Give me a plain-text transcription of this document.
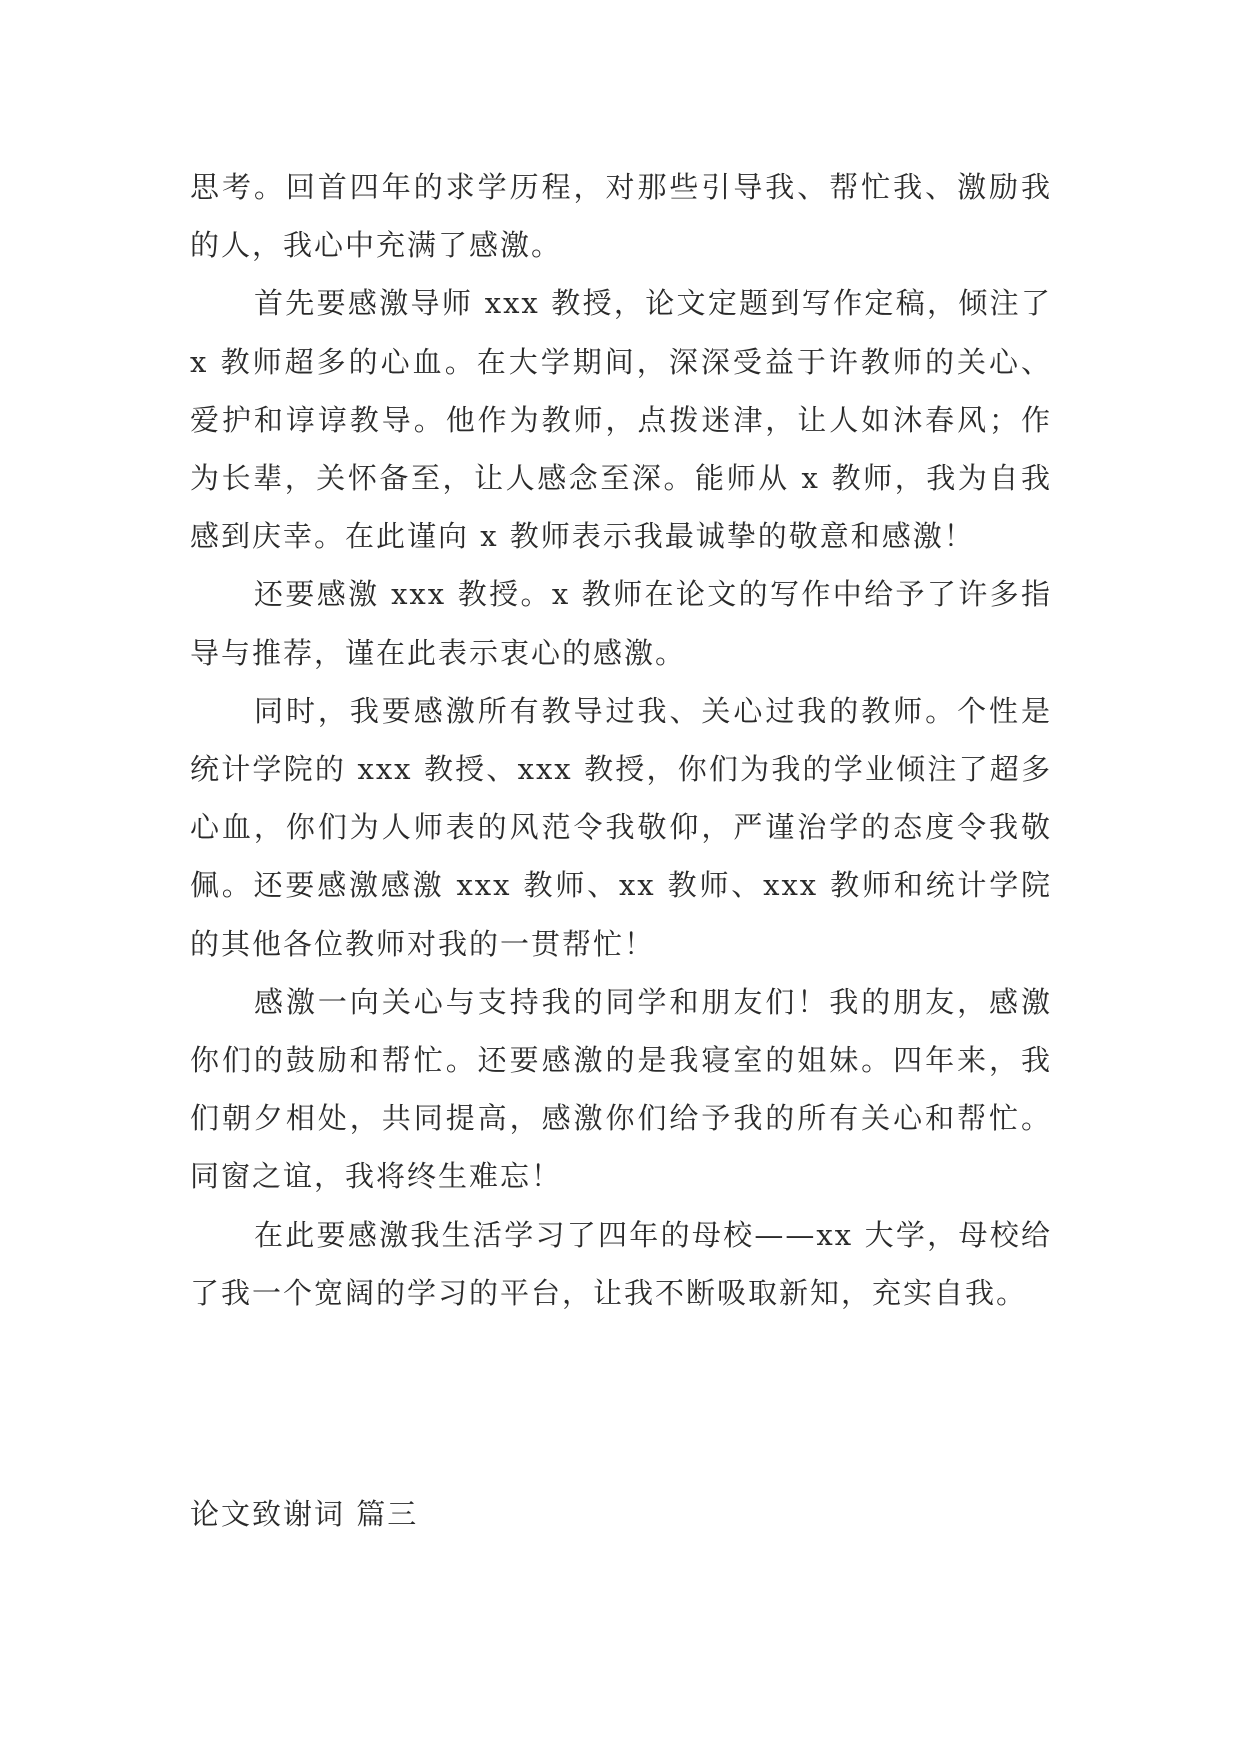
思考。回首四年的求学历程，对那些引导我、帮忙我、激励我的人，我心中充满了感激。

首先要感激导师 xxx 教授，论文定题到写作定稿，倾注了 x 教师超多的心血。在大学期间，深深受益于许教师的关心、爱护和谆谆教导。他作为教师，点拨迷津，让人如沐春风；作为长辈，关怀备至，让人感念至深。能师从 x 教师，我为自我感到庆幸。在此谨向 x 教师表示我最诚挚的敬意和感激！

还要感激 xxx 教授。x 教师在论文的写作中给予了许多指导与推荐，谨在此表示衷心的感激。

同时，我要感激所有教导过我、关心过我的教师。个性是统计学院的 xxx 教授、xxx 教授，你们为我的学业倾注了超多心血，你们为人师表的风范令我敬仰，严谨治学的态度令我敬佩。还要感激感激 xxx 教师、xx 教师、xxx 教师和统计学院的其他各位教师对我的一贯帮忙！

感激一向关心与支持我的同学和朋友们！我的朋友，感激你们的鼓励和帮忙。还要感激的是我寝室的姐妹。四年来，我们朝夕相处，共同提高，感激你们给予我的所有关心和帮忙。同窗之谊，我将终生难忘！

在此要感激我生活学习了四年的母校——xx 大学，母校给了我一个宽阔的学习的平台，让我不断吸取新知，充实自我。

论文致谢词 篇三
